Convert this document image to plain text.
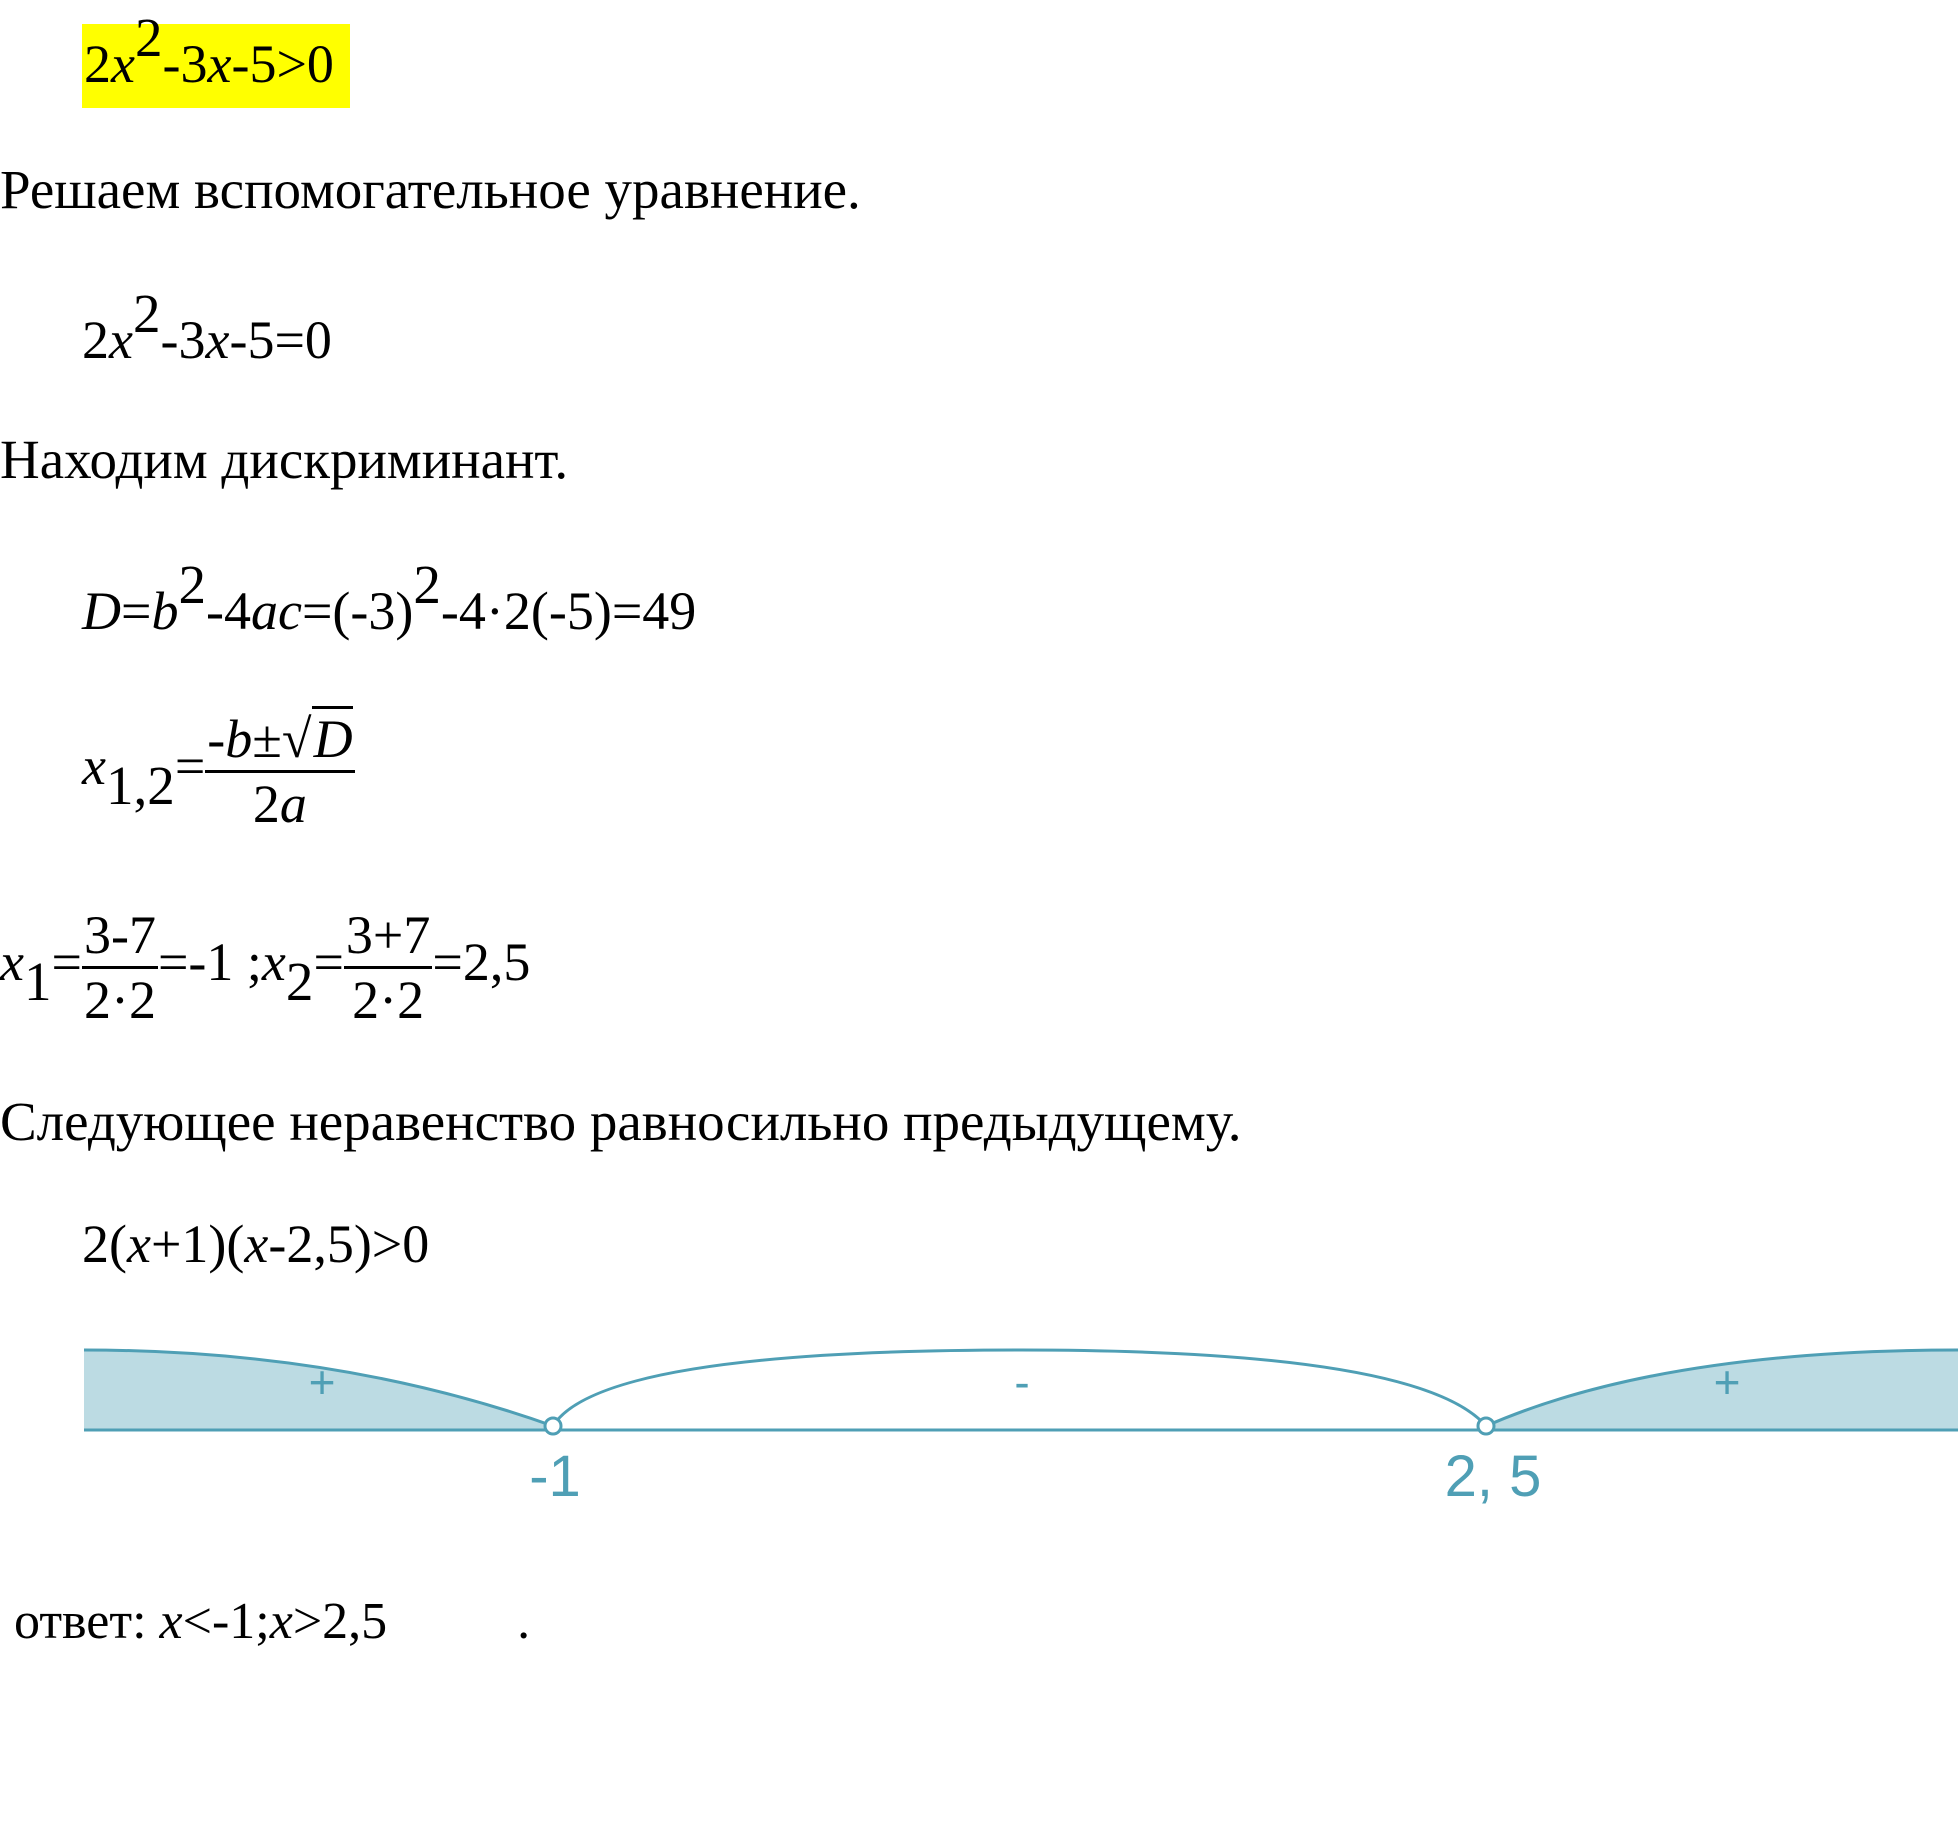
2x2-3x-5>0
Решаем вспомогательное уравнение.
2x2-3x-5=0
Находим дискриминант.
D=b2-4ac=(-3)2-4·2(-5)=49
$x1,2= \frac{-b\pm√D}{2a}$
$x1= \frac{3-7}{2\cdot 2} =-1$ ;x2= $\frac{3+7}{2\cdot 2} =2,5$
Следующее неравенство равносильно предыдущему.
2(x+1)(x-2,5)>0
+	-	+
-1	2, 5
ответ: x<-1;x>2,5	.
